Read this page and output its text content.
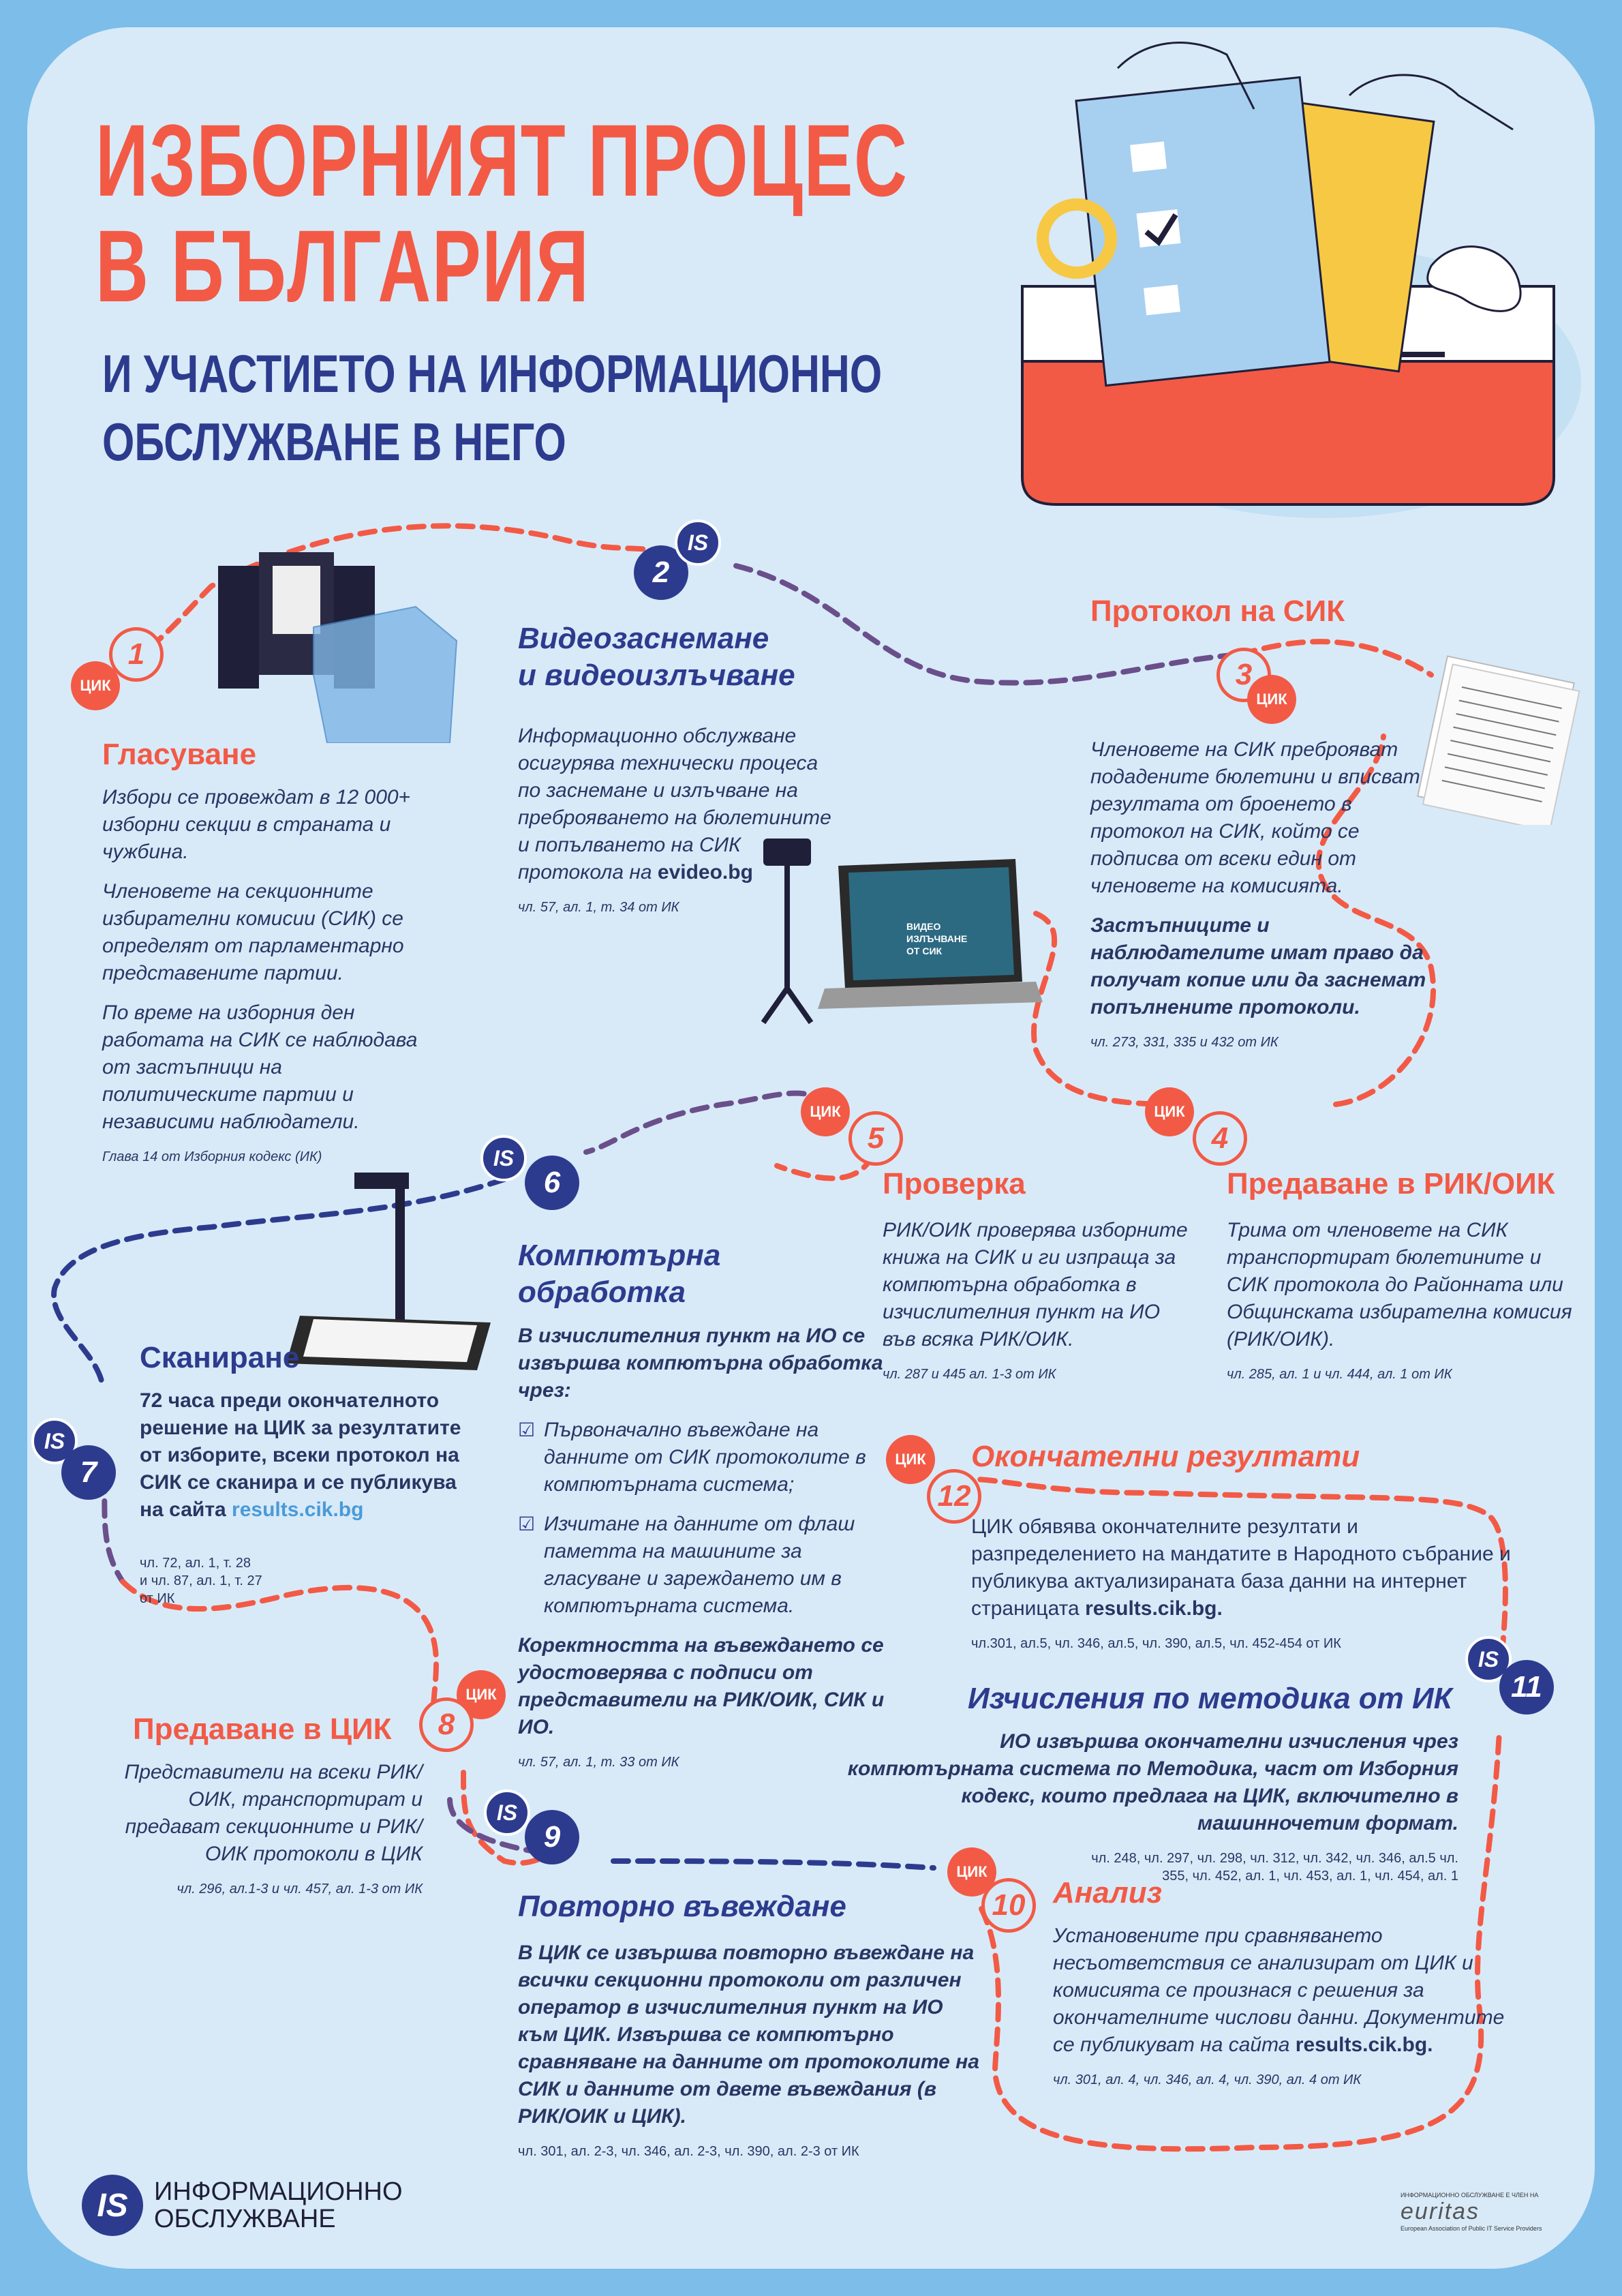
ИЗБОРНИЯТ ПРОЦЕС
В БЪЛГАРИЯ
И УЧАСТИЕТО НА ИНФОРМАЦИОННО
ОБСЛУЖВАНЕ В НЕГО
1
ЦИК
Гласуване

Избори се провеждат в 12 000+ изборни секции в страната и чужбина.

Членовете на секционните избирателни комисии (СИК) се определят от парламентарно представените партии.

По време на изборния ден работата на СИК се наблюдава от застъпници на политическите партии и независими наблюдатели.

Глава 14 от Изборния кодекс (ИК)

2
IS
Видеозаснемане
и видеоизлъчване

Информационно обслужване осигурява технически процеса по заснемане и излъчване на преброяването на бюлетините и попълването на СИК протокола на evideo.bg

чл. 57, ал. 1, т. 34 от ИК

ВИДЕО ИЗЛЪЧВАНЕ ОТ СИК
Протокол на СИК
3
ЦИК

Членовете на СИК преброяват подадените бюлетини и вписват резултата от броенето в протокол на СИК, който се подписва от всеки един от членовете на комисията.

Застъпниците и наблюдателите имат право да получат копие или да заснемат попълнените протоколи.

чл. 273, 331, 335 и 432 от ИК

ЦИК
4
Предаване в РИК/ОИК

Трима от членовете на СИК транспортират бюлетините и СИК протокола до Районната или Общинската избирателна комисия (РИК/ОИК).

чл. 285, ал. 1 и чл. 444, ал. 1 от ИК

ЦИК
5
Проверка

РИК/ОИК проверява изборните книжа на СИК и ги изпраща за компютърна обработка в изчислителния пункт на ИО във всяка РИК/ОИК.

чл. 287 и 445 ал. 1-3 от ИК

IS
6
Компютърна
обработка

В изчислителния пункт на ИО се извършва компютърна обработка чрез:

☑ Първоначално въвеждане на данните от СИК протоколите в компютърната система;
☑ Изчитане на данните от флаш паметта на машините за гласуване и зареждането им в компютърната система.

Коректността на въвеждането се удостоверява с подписи от представители на РИК/ОИК, СИК и ИО.

чл. 57, ал. 1, т. 33 от ИК

Сканиране

72 часа преди окончателното решение на ЦИК за резултатите от изборите, всеки протокол на СИК се сканира и се публикува на сайта results.cik.bg

IS
7
чл. 72, ал. 1, т. 28
и чл. 87, ал. 1, т. 27
от ИК
Предаване в ЦИК
ЦИК
8

Представители на всеки РИК/ОИК, транспортират и предават секционните и РИК/ОИК протоколи в ЦИК

чл. 296, ал.1-3 и чл. 457, ал. 1-3 от ИК

IS
9
Повторно въвеждане

В ЦИК се извършва повторно въвеждане на всички секционни протоколи от различен оператор в изчислителния пункт на ИО към ЦИК. Извършва се компютърно сравняване на данните от протоколите на СИК и данните от двете въвеждания (в РИК/ОИК и ЦИК).

чл. 301, ал. 2-3, чл. 346, ал. 2-3, чл. 390, ал. 2-3 от ИК

ЦИК
10 Анализ

Установените при сравняването несъответствия се анализират от ЦИК и комисията се произнася с решения за окончателните числови данни. Документите се публикуват на сайта results.cik.bg.

чл. 301, ал. 4, чл. 346, ал. 4, чл. 390, ал. 4 от ИК

IS
11
Изчисления по методика от ИК

ИО извършва окончателни изчисления чрез компютърната система по Методика, част от Изборния кодекс, които предлага на ЦИК, включително в машинночетим формат.

чл. 248, чл. 297, чл. 298, чл. 312, чл. 342, чл. 346, ал.5 чл.
355, чл. 452, ал. 1, чл. 453, ал. 1, чл. 454, ал. 1
ЦИК
12
Окончателни резултати

ЦИК обявява окончателните резултати и разпределението на мандатите в Народното събрание и публикува актуализираната база данни на интернет страницата results.cik.bg.

чл.301, ал.5, чл. 346, ал.5, чл. 390, ал.5, чл. 452-454 от ИК

IS	ИНФОРМАЦИОННО
ОБСЛУЖВАНЕ
ИНФОРМАЦИОННО ОБСЛУЖВАНЕ Е ЧЛЕН НА
euritas
European Association of Public IT Service Providers
